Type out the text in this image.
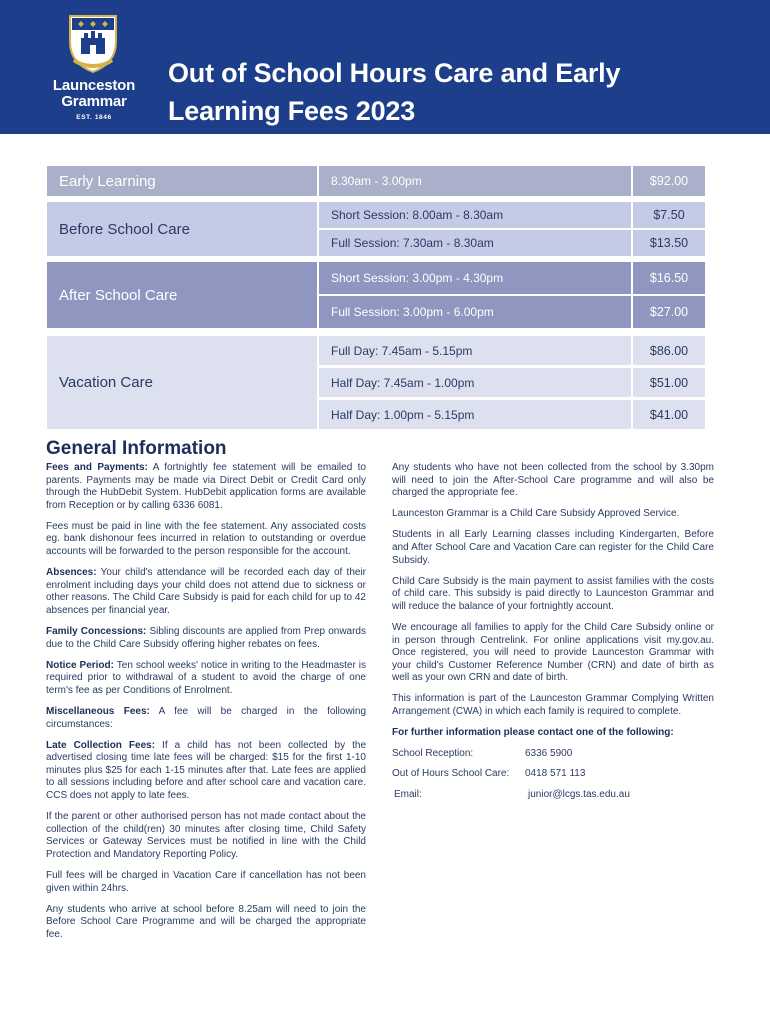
Launceston
Grammar
EST. 1846
Out of School Hours Care and Early
Learning Fees 2023
Early Learning	8.30am - 3.00pm	$92.00
Before School Care
Short Session: 8.00am - 8.30am	$7.50
Full Session: 7.30am - 8.30am	$13.50
After School Care
Short Session: 3.00pm - 4.30pm	$16.50
Full Session: 3.00pm - 6.00pm	$27.00
Vacation Care
Full Day: 7.45am - 5.15pm	$86.00
Half Day: 7.45am - 1.00pm	$51.00
Half Day: 1.00pm - 5.15pm	$41.00
General Information

Fees and Payments: A fortnightly fee statement will be emailed to parents. Payments may be made via Direct Debit or Credit Card only through the HubDebit System. HubDebit application forms are available from Reception or by calling 6336 6081.

Fees must be paid in line with the fee statement. Any associated costs eg. bank dishonour fees incurred in relation to outstanding or overdue accounts will be forwarded to the person responsible for the account.

Absences: Your child's attendance will be recorded each day of their enrolment including days your child does not attend due to sickness or other reasons. The Child Care Subsidy is paid for each child for up to 42 absences per financial year.

Family Concessions: Sibling discounts are applied from Prep onwards due to the Child Care Subsidy offering higher rebates on fees.

Notice Period: Ten school weeks' notice in writing to the Headmaster is required prior to withdrawal of a student to avoid the charge of one term's fee as per Conditions of Enrolment.

Miscellaneous Fees: A fee will be charged in the following circumstances:

Late Collection Fees: If a child has not been collected by the advertised closing time late fees will be charged: $15 for the first 1-10 minutes plus $25 for each 1-15 minutes after that. Late fees are applied to all sessions including before and after school care and vacation care. CCS does not apply to late fees.

If the parent or other authorised person has not made contact about the collection of the child(ren) 30 minutes after closing time, Child Safety Services or Gateway Services must be notified in line with the Child Protection and Mandatory Reporting Policy.

Full fees will be charged in Vacation Care if cancellation has not been given within 24hrs.

Any students who arrive at school before 8.25am will need to join the Before School Care Programme and will be charged the appropriate fee.

Any students who have not been collected from the school by 3.30pm will need to join the After-School Care programme and will also be charged the appropriate fee.

Launceston Grammar is a Child Care Subsidy Approved Service.

Students in all Early Learning classes including Kindergarten, Before and After School Care and Vacation Care can register for the Child Care Subsidy.

Child Care Subsidy is the main payment to assist families with the costs of child care. This subsidy is paid directly to Launceston Grammar and will reduce the balance of your fortnightly account.

We encourage all families to apply for the Child Care Subsidy online or in person through Centrelink. For online applications visit my.gov.au. Once registered, you will need to provide Launceston Grammar with your child's Customer Reference Number (CRN) and date of birth as well as your own CRN and date of birth.

This information is part of the Launceston Grammar Complying Written Arrangement (CWA) in which each family is required to complete.

For further information please contact one of the following:
School Reception:	6336 5900
Out of Hours School Care:	0418 571 113
Email:	junior@lcgs.tas.edu.au
